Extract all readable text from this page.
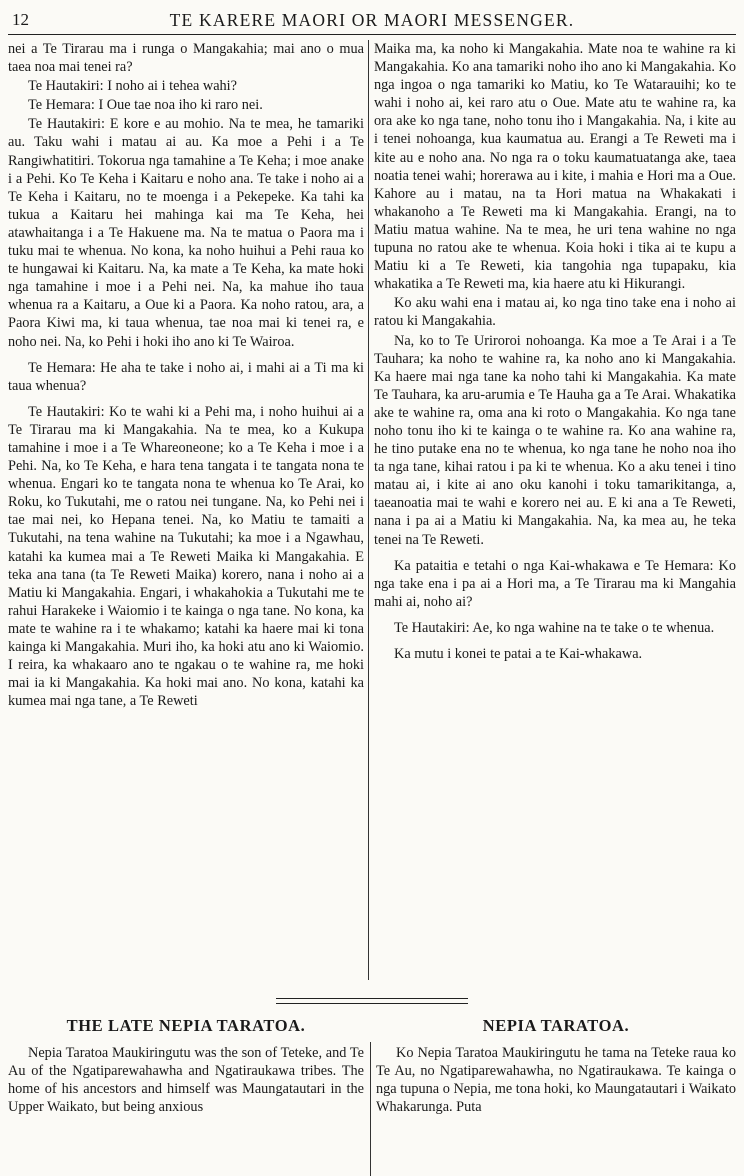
12	TE KARERE MAORI OR MAORI MESSENGER.

nei a Te Tirarau ma i runga o Mangakahia; mai ano o mua taea noa mai tenei ra?

Te Hautakiri: I noho ai i tehea wahi?

Te Hemara: I Oue tae noa iho ki raro nei.

Te Hautakiri: E kore e au mohio. Na te mea, he tamariki au. Taku wahi i matau ai au. Ka moe a Pehi i a Te Rangiwhatitiri. Tokorua nga tamahine a Te Keha; i moe anake i a Pehi. Ko Te Keha i Kaitaru e noho ana. Te take i noho ai a Te Keha i Kaitaru, no te moenga i a Pekepeke. Ka tahi ka tukua a Kaitaru hei mahinga kai ma Te Keha, hei atawhaitanga i a Te Hakuene ma. Na te matua o Paora ma i tuku mai te whenua. No kona, ka noho huihui a Pehi raua ko te hungawai ki Kaitaru. Na, ka mate a Te Keha, ka mate hoki nga tamahine i moe i a Pehi nei. Na, ka mahue iho taua whenua ra a Kaitaru, a Oue ki a Paora. Ka noho ratou, ara, a Paora Kiwi ma, ki taua whenua, tae noa mai ki tenei ra, e noho nei. Na, ko Pehi i hoki iho ano ki Te Wairoa.

Te Hemara: He aha te take i noho ai, i mahi ai a Ti ma ki taua whenua?

Te Hautakiri: Ko te wahi ki a Pehi ma, i noho huihui ai a Te Tirarau ma ki Mangakahia. Na te mea, ko a Kukupa tamahine i moe i a Te Whareoneone; ko a Te Keha i moe i a Pehi. Na, ko Te Keha, e hara tena tangata i te tangata nona te whenua. Engari ko te tangata nona te whenua ko Te Arai, ko Roku, ko Tukutahi, me o ratou nei tungane. Na, ko Pehi nei i tae mai nei, ko Hepana tenei. Na, ko Matiu te tamaiti a Tukutahi, na tena wahine na Tukutahi; ka moe i a Ngawhau, katahi ka kumea mai a Te Reweti Maika ki Mangakahia. E teka ana tana (ta Te Reweti Maika) korero, nana i noho ai a Matiu ki Mangakahia. Engari, i whakahokia a Tukutahi me te rahui Harakeke i Waiomio i te kainga o nga tane. No kona, ka mate te wahine ra i te whakamo; katahi ka haere mai ki tona kainga ki Mangakahia. Muri iho, ka hoki atu ano ki Waiomio. I reira, ka whakaaro ano te ngakau o te wahine ra, me hoki mai ia ki Mangakahia. Ka hoki mai ano. No kona, katahi ka kumea mai nga tane, a Te Reweti

Maika ma, ka noho ki Mangakahia. Mate noa te wahine ra ki Mangakahia. Ko ana tamariki noho iho ano ki Mangakahia. Ko nga ingoa o nga tamariki ko Matiu, ko Te Watarauihi; ko te wahi i noho ai, kei raro atu o Oue. Mate atu te wahine ra, ka ora ake ko nga tane, noho tonu iho i Mangakahia. Na, i kite au i tenei nohoanga, kua kaumatua au. Erangi a Te Reweti ma i kite au e noho ana. No nga ra o toku kaumatuatanga ake, taea noatia tenei wahi; horerawa au i kite, i mahia e Hori ma a Oue. Kahore au i matau, na ta Hori matua na Whakakati i whakanoho a Te Reweti ma ki Mangakahia. Erangi, na to Matiu matua wahine. Na te mea, he uri tena wahine no nga tupuna no ratou ake te whenua. Koia hoki i tika ai te kupu a Matiu ki a Te Reweti, kia tangohia nga tupapaku, kia whakatika a Te Reweti ma, kia haere atu ki Hikurangi.

Ko aku wahi ena i matau ai, ko nga tino take ena i noho ai ratou ki Mangakahia.

Na, ko to Te Uriroroi nohoanga. Ka moe a Te Arai i a Te Tauhara; ka noho te wahine ra, ka noho ano ki Mangakahia. Ka haere mai nga tane ka noho tahi ki Mangakahia. Ka mate Te Tauhara, ka aru-arumia e Te Hauha ga a Te Arai. Whakatika ake te wahine ra, oma ana ki roto o Mangakahia. Ko nga tane noho tonu iho ki te kainga o te wahine ra. Ko ana wahine ra, he tino putake ena no te whenua, ko nga tane he noho noa iho ta nga tane, kihai ratou i pa ki te whenua. Ko a aku tenei i tino matau ai, i kite ai ano oku kanohi i toku tamarikitanga, a, taeanoatia mai te wahi e korero nei au. E ki ana a Te Reweti, nana i pa ai a Matiu ki Mangakahia. Na, ka mea au, he teka tenei na Te Reweti.

Ka pataitia e tetahi o nga Kai-whakawa e Te Hemara: Ko nga take ena i pa ai a Hori ma, a Te Tirarau ma ki Mangahia mahi ai, noho ai?

Te Hautakiri: Ae, ko nga wahine na te take o te whenua.

Ka mutu i konei te patai a te Kai-whakawa.

THE LATE NEPIA TARATOA.

Nepia Taratoa Maukiringutu was the son of Teteke, and Te Au of the Ngatiparewahawha and Ngatiraukawa tribes. The home of his ancestors and himself was Maungatautari in the Upper Waikato, but being anxious

NEPIA TARATOA.

Ko Nepia Taratoa Maukiringutu he tama na Teteke raua ko Te Au, no Ngatiparewahawha, no Ngatiraukawa. Te kainga o nga tupuna o Nepia, me tona hoki, ko Maungatautari i Waikato Whakarunga. Puta
